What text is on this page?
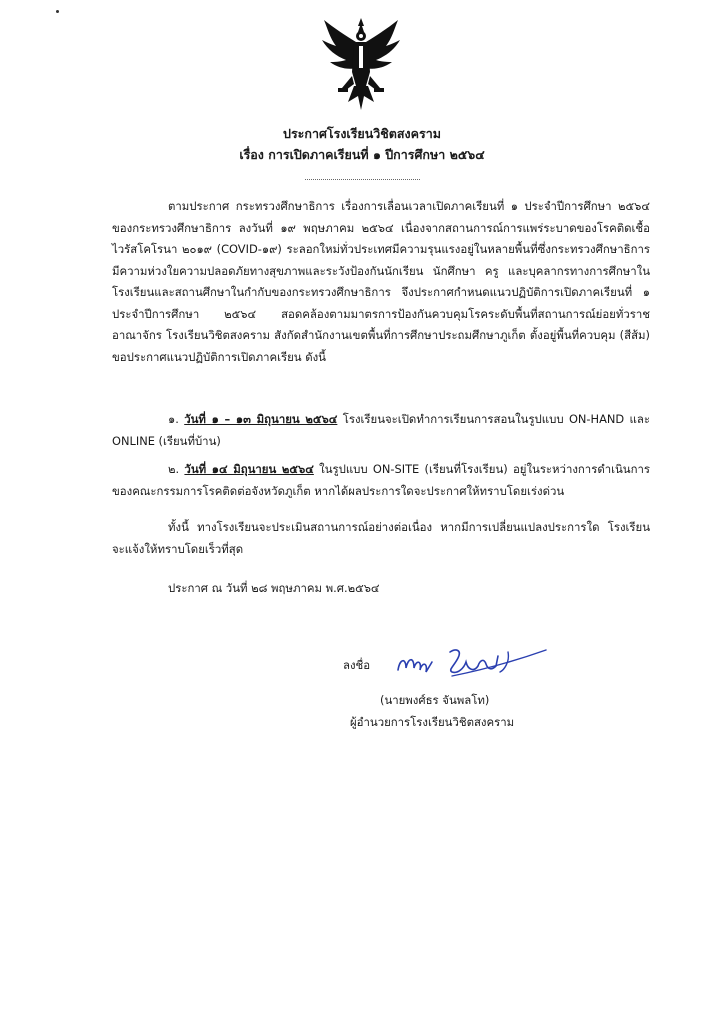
ประกาศโรงเรียนวิชิตสงคราม
เรื่อง การเปิดภาคเรียนที่ ๑ ปีการศึกษา ๒๕๖๔
ตามประกาศ กระทรวงศึกษาธิการ เรื่องการเลื่อนเวลาเปิดภาคเรียนที่ ๑ ประจำปีการศึกษา ๒๕๖๔ ของกระทรวงศึกษาธิการ ลงวันที่ ๑๙ พฤษภาคม ๒๕๖๔ เนื่องจากสถานการณ์การแพร่ระบาดของโรคติดเชื้อไวรัสโคโรนา ๒๐๑๙ (COVID-๑๙) ระลอกใหม่ทั่วประเทศมีความรุนแรงอยู่ในหลายพื้นที่ซึ่งกระทรวงศึกษาธิการมีความห่วงใยความปลอดภัยทางสุขภาพและระวังป้องกันนักเรียน นักศึกษา ครู และบุคลากรทางการศึกษาในโรงเรียนและสถานศึกษาในกำกับของกระทรวงศึกษาธิการ จึงประกาศกำหนดแนวปฏิบัติการเปิดภาคเรียนที่ ๑ ประจำปีการศึกษา ๒๕๖๔ สอดคล้องตามมาตรการป้องกันควบคุมโรคระดับพื้นที่สถานการณ์ย่อยทั่วราชอาณาจักร โรงเรียนวิชิตสงคราม สังกัดสำนักงานเขตพื้นที่การศึกษาประถมศึกษาภูเก็ต ตั้งอยู่พื้นที่ควบคุม (สีส้ม) ขอประกาศแนวปฏิบัติการเปิดภาคเรียน ดังนี้
๑. วันที่ ๑ – ๑๓ มิถุนายน ๒๕๖๔ โรงเรียนจะเปิดทำการเรียนการสอนในรูปแบบ ON-HAND และ ONLINE (เรียนที่บ้าน)
๒. วันที่ ๑๔ มิถุนายน ๒๕๖๔ ในรูปแบบ ON-SITE (เรียนที่โรงเรียน) อยู่ในระหว่างการดำเนินการของคณะกรรมการโรคติดต่อจังหวัดภูเก็ต หากได้ผลประการใดจะประกาศให้ทราบโดยเร่งด่วน
ทั้งนี้ ทางโรงเรียนจะประเมินสถานการณ์อย่างต่อเนื่อง หากมีการเปลี่ยนแปลงประการใด โรงเรียนจะแจ้งให้ทราบโดยเร็วที่สุด
ประกาศ ณ วันที่ ๒๘ พฤษภาคม พ.ศ.๒๕๖๔
ลงชื่อ
(นายพงศ์ธร จันพลโท)
ผู้อำนวยการโรงเรียนวิชิตสงคราม
